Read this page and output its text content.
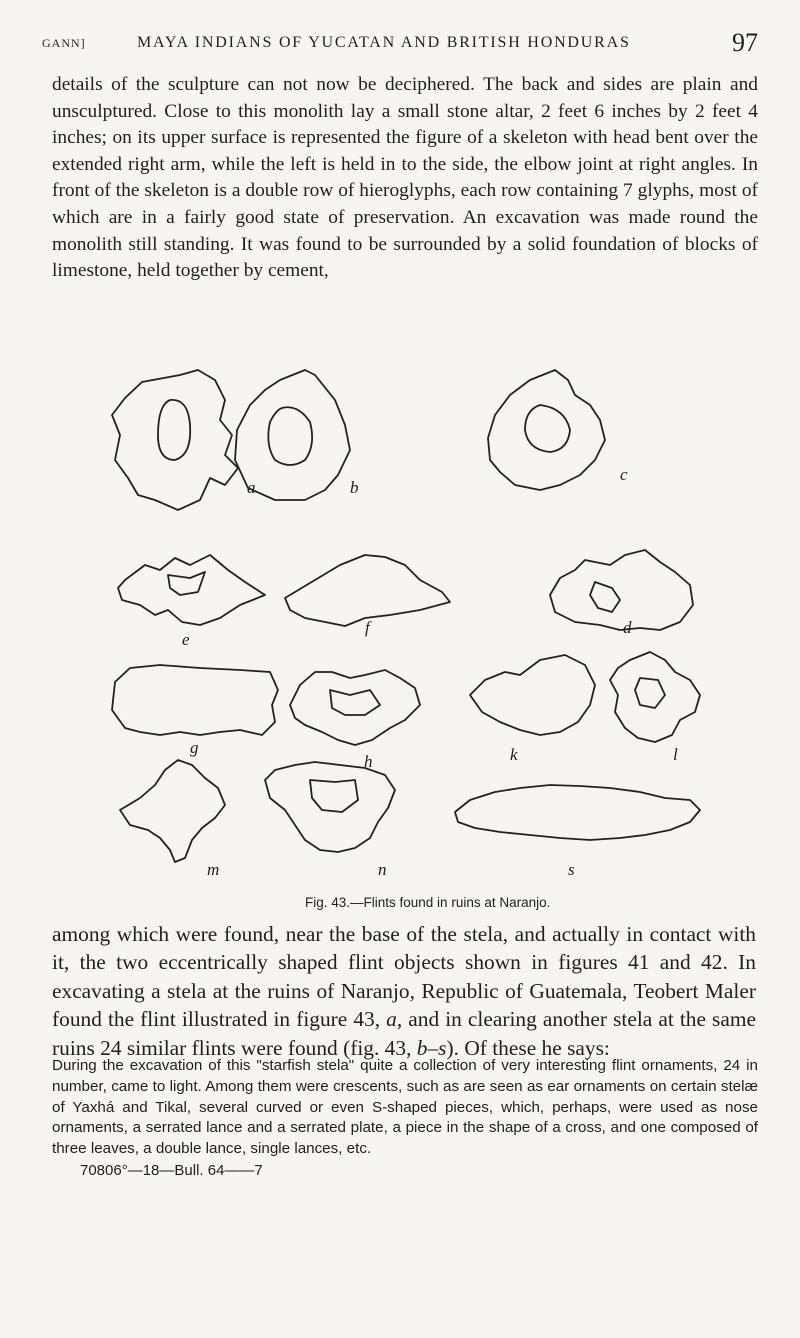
GANN]	MAYA INDIANS OF YUCATAN AND BRITISH HONDURAS	97

details of the sculpture can not now be deciphered. The back and sides are plain and unsculptured. Close to this monolith lay a small stone altar, 2 feet 6 inches by 2 feet 4 inches; on its upper surface is represented the figure of a skeleton with head bent over the extended right arm, while the left is held in to the side, the elbow joint at right angles. In front of the skeleton is a double row of hieroglyphs, each row containing 7 glyphs, most of which are in a fairly good state of preservation. An excavation was made round the monolith still standing. It was found to be surrounded by a solid foundation of blocks of limestone, held together by cement,

a	b
c
e
f	d
g
h	k	l
m	n	s
Fig. 43.—Flints found in ruins at Naranjo.

among which were found, near the base of the stela, and actually in contact with it, the two eccentrically shaped flint objects shown in figures 41 and 42. In excavating a stela at the ruins of Naranjo, Republic of Guatemala, Teobert Maler found the flint illustrated in figure 43, a, and in clearing another stela at the same ruins 24 similar flints were found (fig. 43, b–s). Of these he says:

During the excavation of this "starfish stela" quite a collection of very interesting flint ornaments, 24 in number, came to light. Among them were crescents, such as are seen as ear ornaments on certain stelæ of Yaxhá and Tikal, several curved or even S-shaped pieces, which, perhaps, were used as nose ornaments, a serrated lance and a serrated plate, a piece in the shape of a cross, and one composed of three leaves, a double lance, single lances, etc.

70806°—18—Bull. 64——7
